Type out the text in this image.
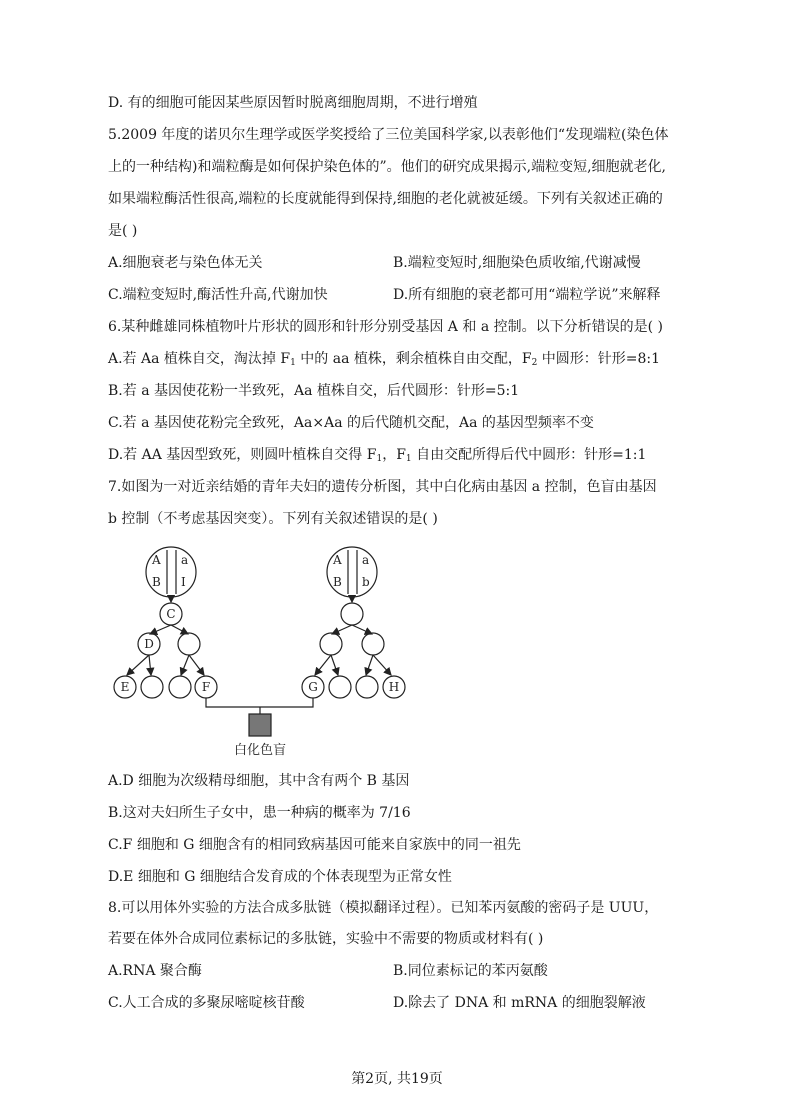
D. 有的细胞可能因某些原因暂时脱离细胞周期，不进行增殖
5.2009 年度的诺贝尔生理学或医学奖授给了三位美国科学家,以表彰他们“发现端粒(染色体
上的一种结构)和端粒酶是如何保护染色体的”。他们的研究成果揭示,端粒变短,细胞就老化,
如果端粒酶活性很高,端粒的长度就能得到保持,细胞的老化就被延缓。下列有关叙述正确的
是( )
A.细胞衰老与染色体无关	B.端粒变短时,细胞染色质收缩,代谢减慢
C.端粒变短时,酶活性升高,代谢加快	D.所有细胞的衰老都可用“端粒学说”来解释
6.某种雌雄同株植物叶片形状的圆形和针形分别受基因 A 和 a 控制。以下分析错误的是( )
A.若 Aa 植株自交，淘汰掉 $F_1$ 中的 aa 植株，剩余植株自由交配，$F_2$ 中圆形：针形=8:1
B.若 a 基因使花粉一半致死，Aa 植株自交，后代圆形：针形=5:1
C.若 a 基因使花粉完全致死，Aa×Aa 的后代随机交配，Aa 的基因型频率不变
D.若 AA 基因型致死，则圆叶植株自交得 $F_1$，$F_1$ 自由交配所得后代中圆形：针形=1:1
7.如图为一对近亲结婚的青年夫妇的遗传分析图，其中白化病由基因 a 控制，色盲由基因
b 控制（不考虑基因突变）。下列有关叙述错误的是( )
A a
B I
C
D
E	F
A a
B b
G	H
白化色盲
A.D 细胞为次级精母细胞，其中含有两个 B 基因
B.这对夫妇所生子女中，患一种病的概率为 7/16
C.F 细胞和 G 细胞含有的相同致病基因可能来自家族中的同一祖先
D.E 细胞和 G 细胞结合发育成的个体表现型为正常女性
8.可以用体外实验的方法合成多肽链（模拟翻译过程）。已知苯丙氨酸的密码子是 UUU，
若要在体外合成同位素标记的多肽链，实验中不需要的物质或材料有( )
A.RNA 聚合酶	B.同位素标记的苯丙氨酸
C.人工合成的多聚尿嘧啶核苷酸	D.除去了 DNA 和 mRNA 的细胞裂解液
第2页, 共19页
